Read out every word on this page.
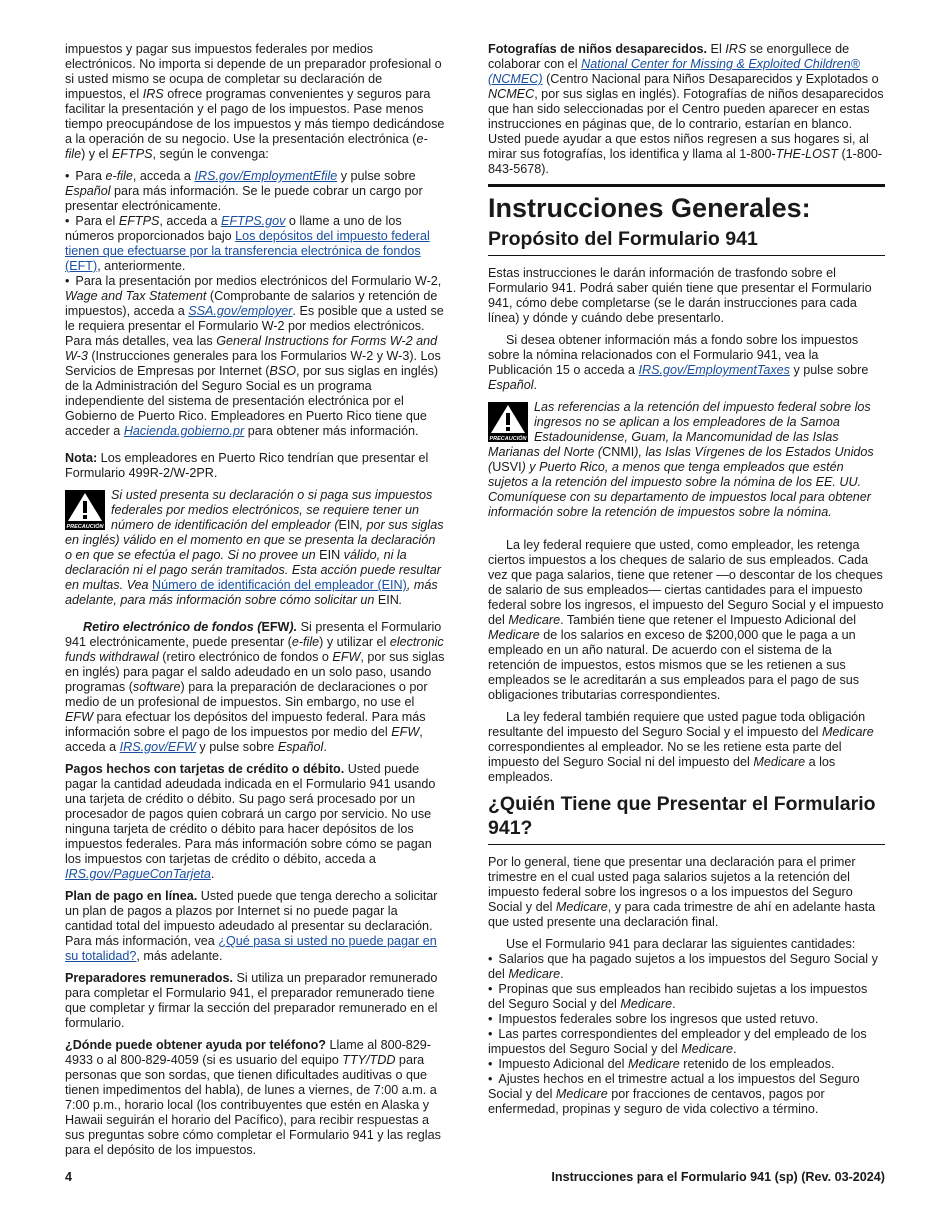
impuestos y pagar sus impuestos federales por medios electrónicos. No importa si depende de un preparador profesional o si usted mismo se ocupa de completar su declaración de impuestos, el IRS ofrece programas convenientes y seguros para facilitar la presentación y el pago de los impuestos. Pase menos tiempo preocupándose de los impuestos y más tiempo dedicándose a la operación de su negocio. Use la presentación electrónica (e-file) y el EFTPS, según le convenga:

• Para e-file, acceda a IRS.gov/EmploymentEfile y pulse sobre Español para más información. Se le puede cobrar un cargo por presentar electrónicamente.

• Para el EFTPS, acceda a EFTPS.gov o llame a uno de los números proporcionados bajo Los depósitos del impuesto federal tienen que efectuarse por la transferencia electrónica de fondos (EFT), anteriormente.

• Para la presentación por medios electrónicos del Formulario W-2, Wage and Tax Statement (Comprobante de salarios y retención de impuestos), acceda a SSA.gov/employer. Es posible que a usted se le requiera presentar el Formulario W-2 por medios electrónicos. Para más detalles, vea las General Instructions for Forms W-2 and W-3 (Instrucciones generales para los Formularios W-2 y W-3). Los Servicios de Empresas por Internet (BSO, por sus siglas en inglés) de la Administración del Seguro Social es un programa independiente del sistema de presentación electrónica por el Gobierno de Puerto Rico. Empleadores en Puerto Rico tiene que acceder a Hacienda.gobierno.pr para obtener más información.

Nota: Los empleadores en Puerto Rico tendrían que presentar el Formulario 499R-2/W-2PR.

PRECAUCIÓN
Si usted presenta su declaración o si paga sus impuestos federales por medios electrónicos, se requiere tener un número de identificación del empleador (EIN, por sus siglas en inglés) válido en el momento en que se presenta la declaración o en que se efectúa el pago. Si no provee un EIN válido, ni la declaración ni el pago serán tramitados. Esta acción puede resultar en multas. Vea Número de identificación del empleador (EIN), más adelante, para más información sobre cómo solicitar un EIN.

Retiro electrónico de fondos (EFW). Si presenta el Formulario 941 electrónicamente, puede presentar (e-file) y utilizar el electronic funds withdrawal (retiro electrónico de fondos o EFW, por sus siglas en inglés) para pagar el saldo adeudado en un solo paso, usando programas (software) para la preparación de declaraciones o por medio de un profesional de impuestos. Sin embargo, no use el EFW para efectuar los depósitos del impuesto federal. Para más información sobre el pago de los impuestos por medio del EFW, acceda a IRS.gov/EFW y pulse sobre Español.

Pagos hechos con tarjetas de crédito o débito. Usted puede pagar la cantidad adeudada indicada en el Formulario 941 usando una tarjeta de crédito o débito. Su pago será procesado por un procesador de pagos quien cobrará un cargo por servicio. No use ninguna tarjeta de crédito o débito para hacer depósitos de los impuestos federales. Para más información sobre cómo se pagan los impuestos con tarjetas de crédito o débito, acceda a IRS.gov/PagueConTarjeta.

Plan de pago en línea. Usted puede que tenga derecho a solicitar un plan de pagos a plazos por Internet si no puede pagar la cantidad total del impuesto adeudado al presentar su declaración. Para más información, vea ¿Qué pasa si usted no puede pagar en su totalidad?, más adelante.

Preparadores remunerados. Si utiliza un preparador remunerado para completar el Formulario 941, el preparador remunerado tiene que completar y firmar la sección del preparador remunerado en el formulario.

¿Dónde puede obtener ayuda por teléfono? Llame al 800-829-4933 o al 800-829-4059 (si es usuario del equipo TTY/TDD para personas que son sordas, que tienen dificultades auditivas o que tienen impedimentos del habla), de lunes a viernes, de 7:00 a.m. a 7:00 p.m., horario local (los contribuyentes que estén en Alaska y Hawaii seguirán el horario del Pacífico), para recibir respuestas a sus preguntas sobre cómo completar el Formulario 941 y las reglas para el depósito de los impuestos.

Fotografías de niños desaparecidos. El IRS se enorgullece de colaborar con el National Center for Missing & Exploited Children® (NCMEC) (Centro Nacional para Niños Desaparecidos y Explotados o NCMEC, por sus siglas en inglés). Fotografías de niños desaparecidos que han sido seleccionadas por el Centro pueden aparecer en estas instrucciones en páginas que, de lo contrario, estarían en blanco. Usted puede ayudar a que estos niños regresen a sus hogares si, al mirar sus fotografías, los identifica y llama al 1-800-THE-LOST (1-800-843-5678).

Instrucciones Generales:
Propósito del Formulario 941

Estas instrucciones le darán información de trasfondo sobre el Formulario 941. Podrá saber quién tiene que presentar el Formulario 941, cómo debe completarse (se le darán instrucciones para cada línea) y dónde y cuándo debe presentarlo.

Si desea obtener información más a fondo sobre los impuestos sobre la nómina relacionados con el Formulario 941, vea la Publicación 15 o acceda a IRS.gov/EmploymentTaxes y pulse sobre Español.

PRECAUCIÓN
Las referencias a la retención del impuesto federal sobre los ingresos no se aplican a los empleadores de la Samoa Estadounidense, Guam, la Mancomunidad de las Islas Marianas del Norte (CNMI), las Islas Vírgenes de los Estados Unidos (USVI) y Puerto Rico, a menos que tenga empleados que estén sujetos a la retención del impuesto sobre la nómina de los EE. UU. Comuníquese con su departamento de impuestos local para obtener información sobre la retención de impuestos sobre la nómina.

La ley federal requiere que usted, como empleador, les retenga ciertos impuestos a los cheques de salario de sus empleados. Cada vez que paga salarios, tiene que retener —o descontar de los cheques de salario de sus empleados— ciertas cantidades para el impuesto federal sobre los ingresos, el impuesto del Seguro Social y el impuesto del Medicare. También tiene que retener el Impuesto Adicional del Medicare de los salarios en exceso de $200,000 que le paga a un empleado en un año natural. De acuerdo con el sistema de la retención de impuestos, estos mismos que se les retienen a sus empleados se le acreditarán a sus empleados para el pago de sus obligaciones tributarias correspondientes.

La ley federal también requiere que usted pague toda obligación resultante del impuesto del Seguro Social y el impuesto del Medicare correspondientes al empleador. No se les retiene esta parte del impuesto del Seguro Social ni del impuesto del Medicare a los empleados.

¿Quién Tiene que Presentar el Formulario 941?

Por lo general, tiene que presentar una declaración para el primer trimestre en el cual usted paga salarios sujetos a la retención del impuesto federal sobre los ingresos o a los impuestos del Seguro Social y del Medicare, y para cada trimestre de ahí en adelante hasta que usted presente una declaración final.

Use el Formulario 941 para declarar las siguientes cantidades:

• Salarios que ha pagado sujetos a los impuestos del Seguro Social y del Medicare.

• Propinas que sus empleados han recibido sujetas a los impuestos del Seguro Social y del Medicare.

• Impuestos federales sobre los ingresos que usted retuvo.

• Las partes correspondientes del empleador y del empleado de los impuestos del Seguro Social y del Medicare.

• Impuesto Adicional del Medicare retenido de los empleados.

• Ajustes hechos en el trimestre actual a los impuestos del Seguro Social y del Medicare por fracciones de centavos, pagos por enfermedad, propinas y seguro de vida colectivo a término.

4	Instrucciones para el Formulario 941 (sp) (Rev. 03-2024)
